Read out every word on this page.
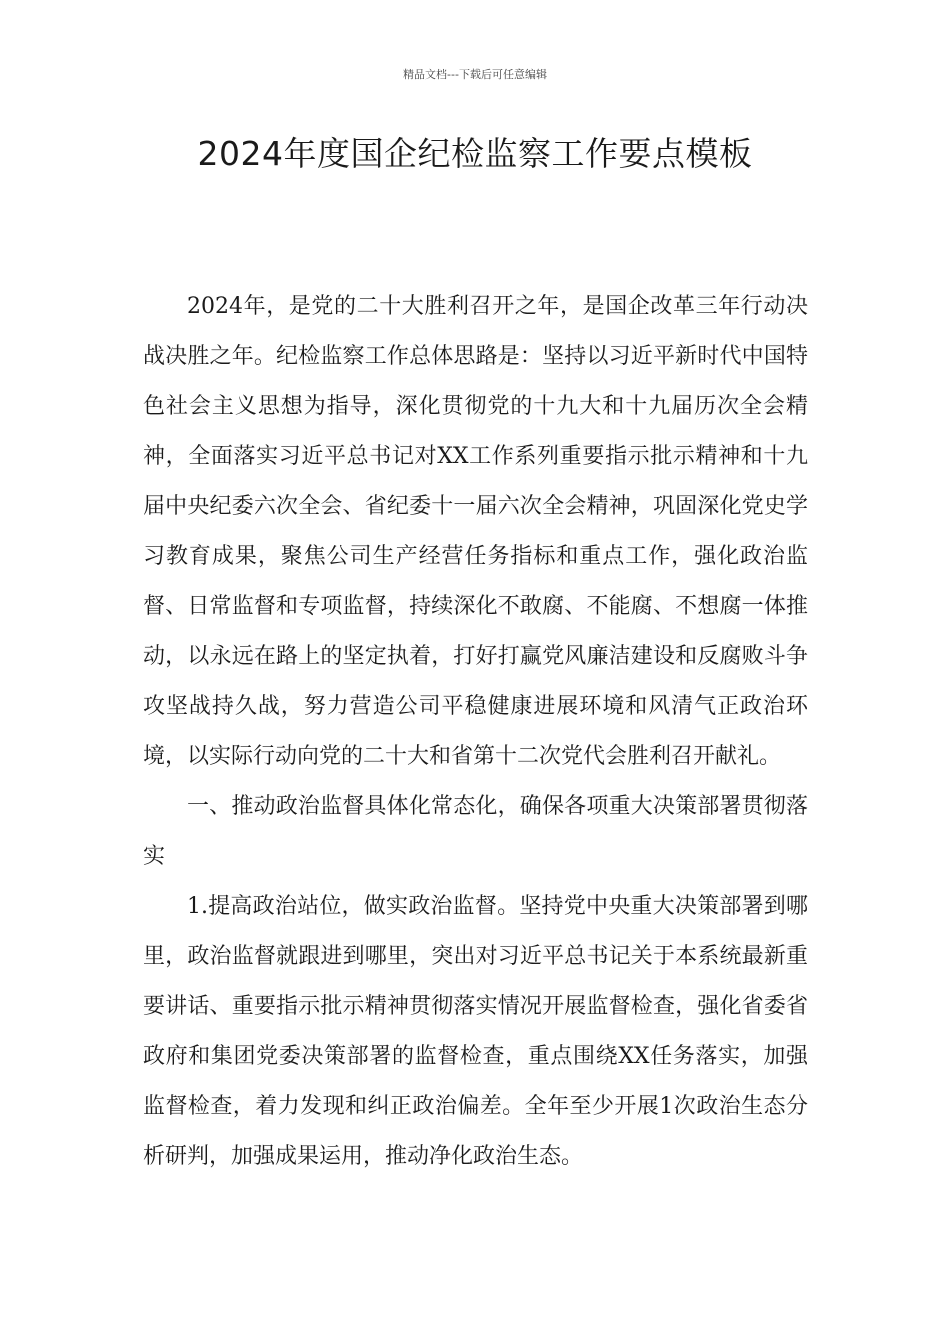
精品文档---下载后可任意编辑
2024年度国企纪检监察工作要点模板

2024年，是党的二十大胜利召开之年，是国企改革三年行动决战决胜之年。纪检监察工作总体思路是：坚持以习近平新时代中国特色社会主义思想为指导，深化贯彻党的十九大和十九届历次全会精神，全面落实习近平总书记对XX工作系列重要指示批示精神和十九届中央纪委六次全会、省纪委十一届六次全会精神，巩固深化党史学习教育成果，聚焦公司生产经营任务指标和重点工作，强化政治监督、日常监督和专项监督，持续深化不敢腐、不能腐、不想腐一体推动，以永远在路上的坚定执着，打好打赢党风廉洁建设和反腐败斗争攻坚战持久战，努力营造公司平稳健康进展环境和风清气正政治环境，以实际行动向党的二十大和省第十二次党代会胜利召开献礼。

一、推动政治监督具体化常态化，确保各项重大决策部署贯彻落实

1.提高政治站位，做实政治监督。坚持党中央重大决策部署到哪里，政治监督就跟进到哪里，突出对习近平总书记关于本系统最新重要讲话、重要指示批示精神贯彻落实情况开展监督检查，强化省委省政府和集团党委决策部署的监督检查，重点围绕XX任务落实，加强监督检查，着力发现和纠正政治偏差。全年至少开展1次政治生态分析研判，加强成果运用，推动净化政治生态。
